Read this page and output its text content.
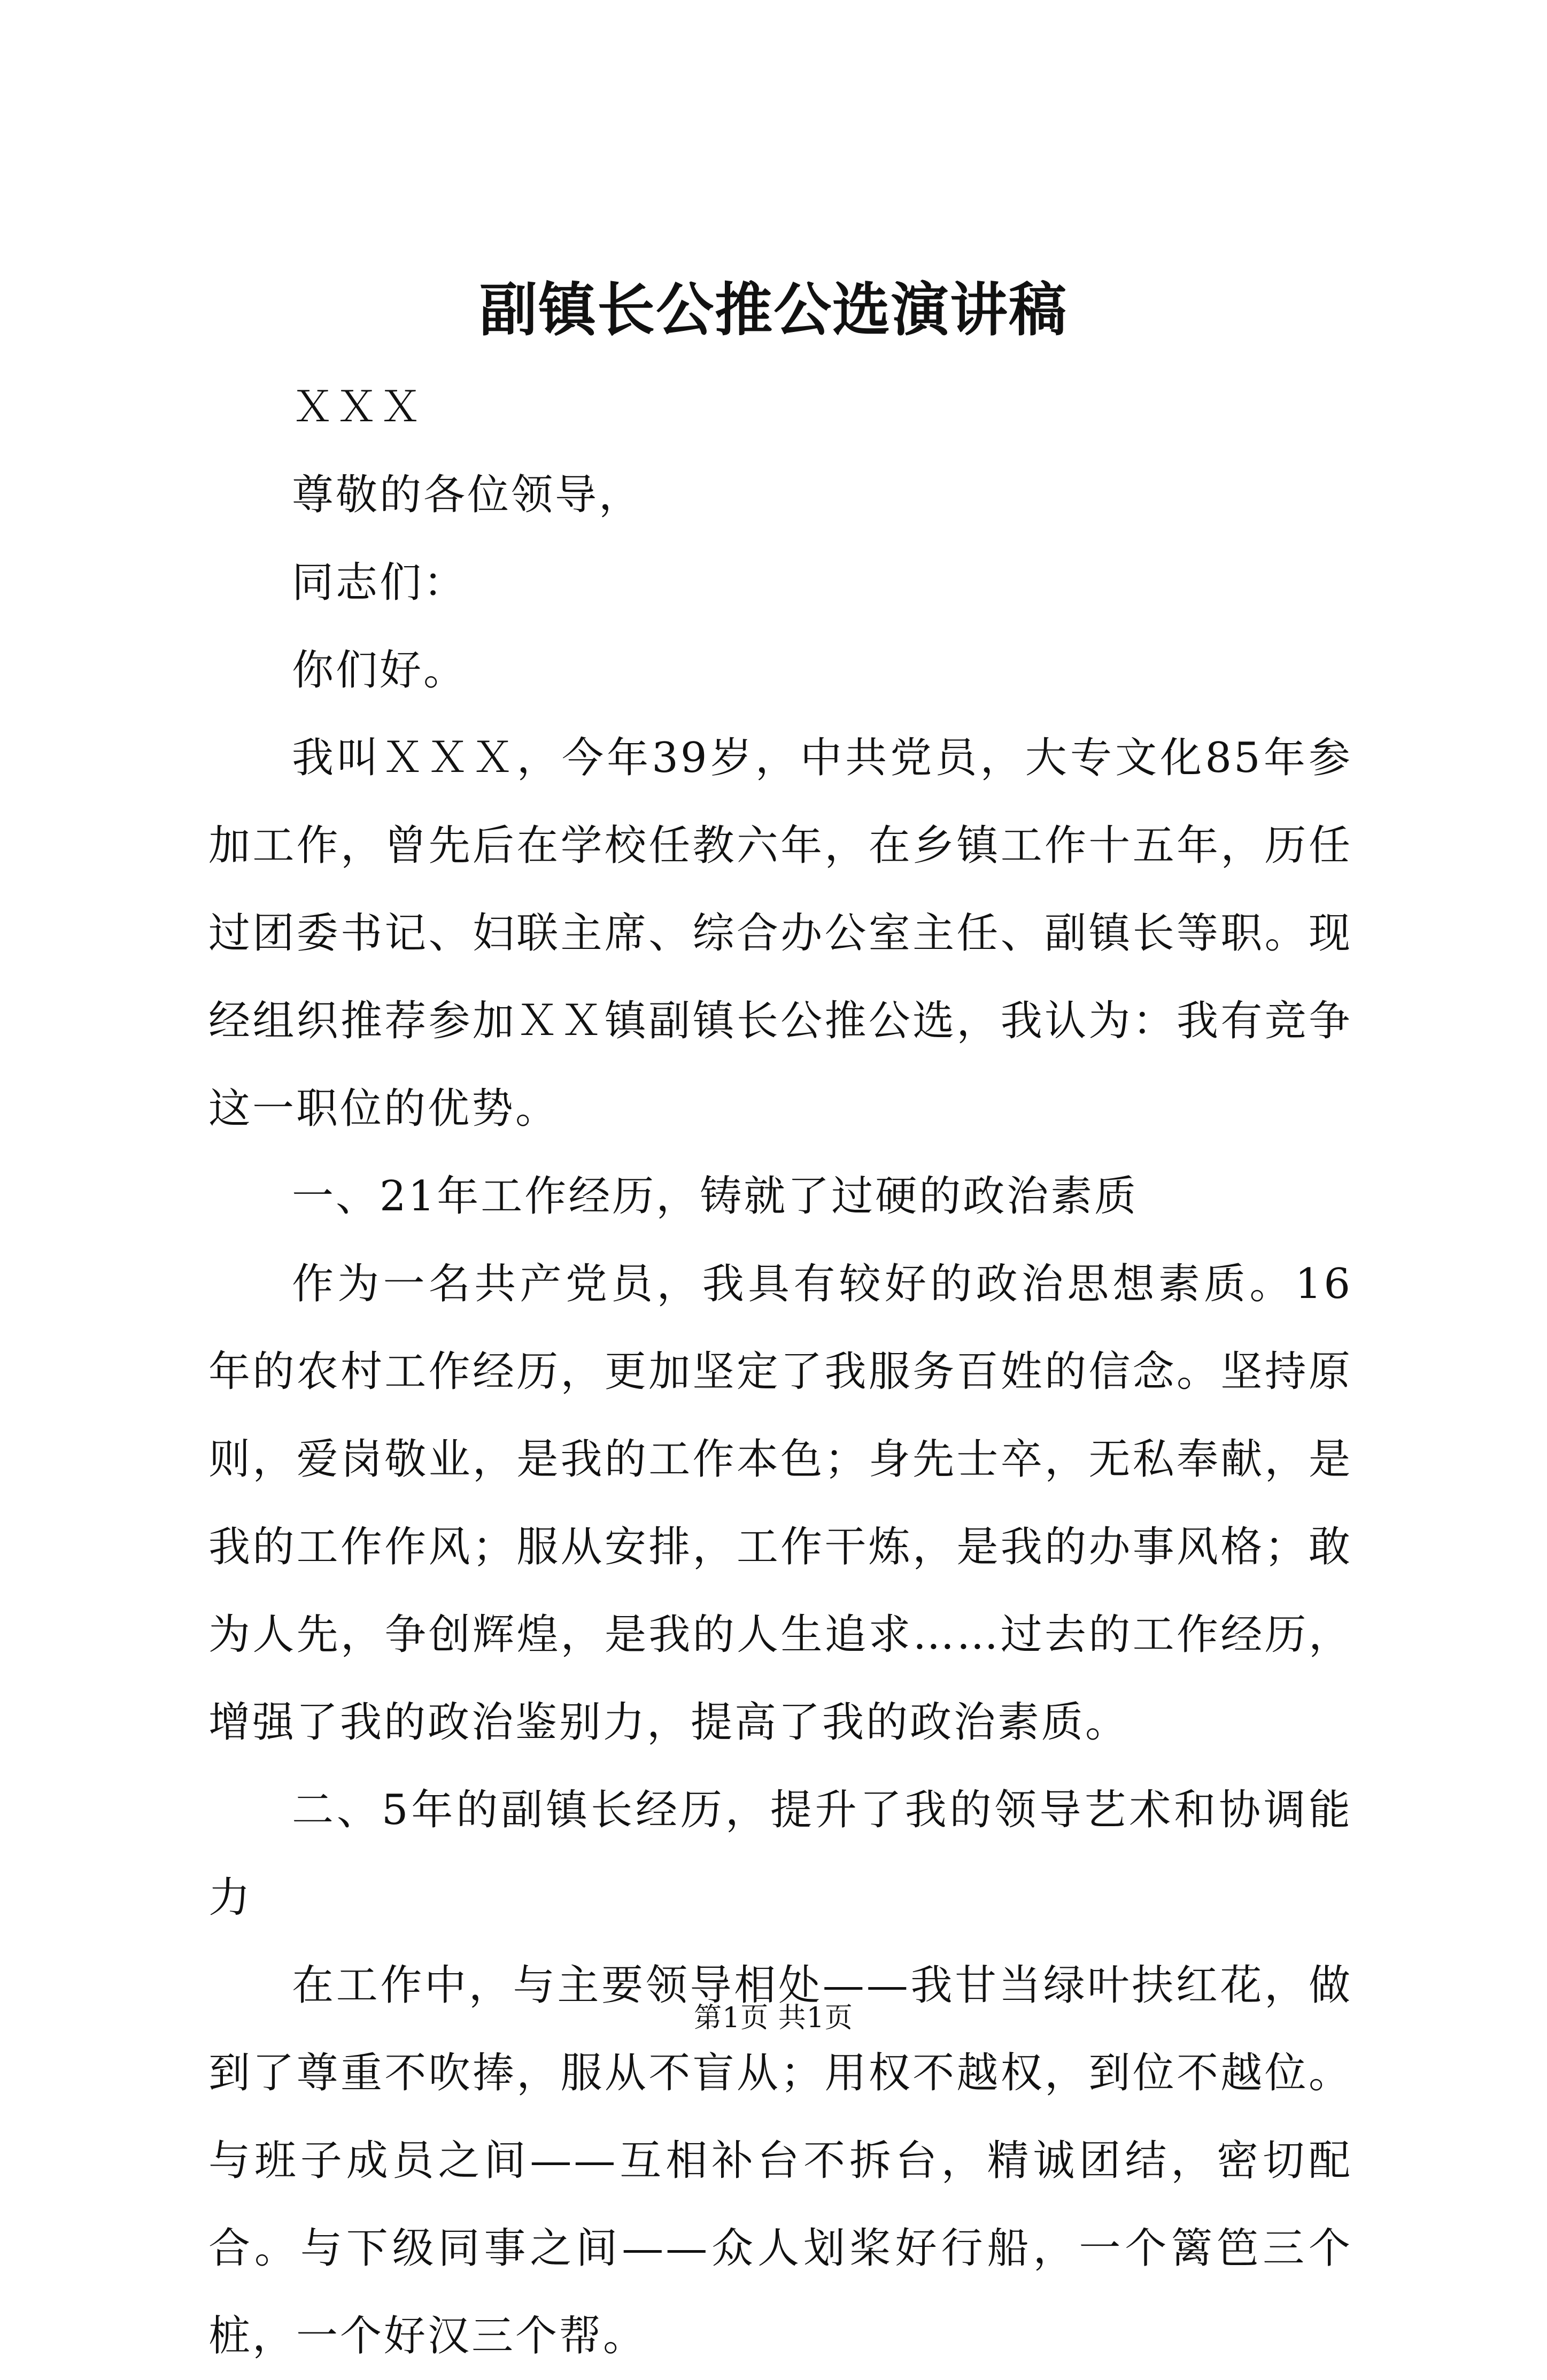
副镇长公推公选演讲稿

ＸＸＸ

尊敬的各位领导，

同志们：

你们好。

我叫ＸＸＸ，今年39岁，中共党员，大专文化85年参加工作，曾先后在学校任教六年，在乡镇工作十五年，历任过团委书记、妇联主席、综合办公室主任、副镇长等职。现经组织推荐参加ＸＸ镇副镇长公推公选，我认为：我有竞争这一职位的优势。

一、21年工作经历，铸就了过硬的政治素质

作为一名共产党员，我具有较好的政治思想素质。16年的农村工作经历，更加坚定了我服务百姓的信念。坚持原则，爱岗敬业，是我的工作本色；身先士卒，无私奉献，是我的工作作风；服从安排，工作干炼，是我的办事风格；敢为人先，争创辉煌，是我的人生追求……过去的工作经历，增强了我的政治鉴别力，提高了我的政治素质。

二、5年的副镇长经历，提升了我的领导艺术和协调能力

在工作中，与主要领导相处——我甘当绿叶扶红花，做到了尊重不吹捧，服从不盲从；用权不越权，到位不越位。与班子成员之间——互相补台不拆台，精诚团结，密切配合。与下级同事之间——众人划桨好行船，一个篱笆三个桩，一个好汉三个帮。

第1页 共1页
